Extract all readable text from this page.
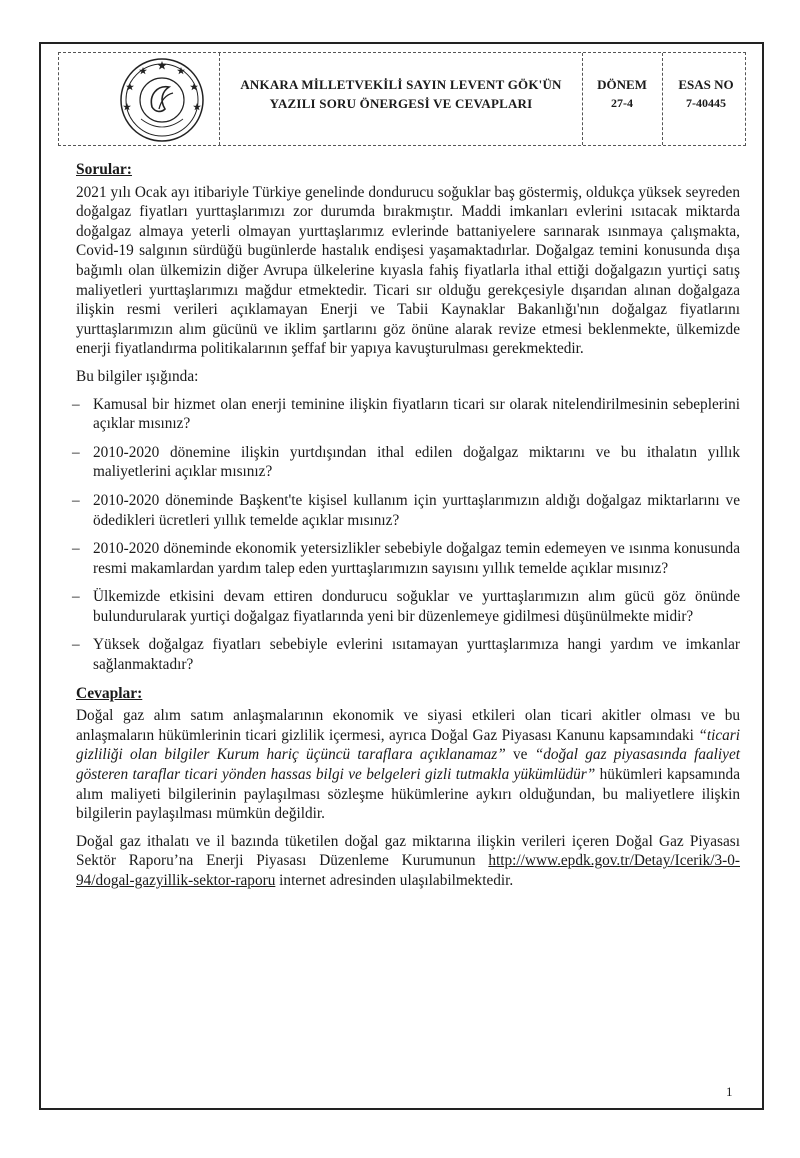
ANKARA MİLLETVEKİLİ SAYIN LEVENT GÖK'ÜN
YAZILI SORU ÖNERGESİ VE CEVAPLARI
DÖNEM
27-4
ESAS NO
7-40445
Sorular:

2021 yılı Ocak ayı itibariyle Türkiye genelinde dondurucu soğuklar baş göstermiş, oldukça yüksek seyreden doğalgaz fiyatları yurttaşlarımızı zor durumda bırakmıştır. Maddi imkanları evlerini ısıtacak miktarda doğalgaz almaya yeterli olmayan yurttaşlarımız evlerinde battaniyelere sarınarak ısınmaya çalışmakta, Covid-19 salgının sürdüğü bugünlerde hastalık endişesi yaşamaktadırlar. Doğalgaz temini konusunda dışa bağımlı olan ülkemizin diğer Avrupa ülkelerine kıyasla fahiş fiyatlarla ithal ettiği doğalgazın yurtiçi satış maliyetleri yurttaşlarımızı mağdur etmektedir. Ticari sır olduğu gerekçesiyle dışarıdan alınan doğalgaza ilişkin resmi verileri açıklamayan Enerji ve Tabii Kaynaklar Bakanlığı'nın doğalgaz fiyatlarını yurttaşlarımızın alım gücünü ve iklim şartlarını göz önüne alarak revize etmesi beklenmekte, ülkemizde enerji fiyatlandırma politikalarının şeffaf bir yapıya kavuşturulması gerekmektedir.

Bu bilgiler ışığında:

– Kamusal bir hizmet olan enerji teminine ilişkin fiyatların ticari sır olarak nitelendirilmesinin sebeplerini açıklar mısınız?
– 2010-2020 dönemine ilişkin yurtdışından ithal edilen doğalgaz miktarını ve bu ithalatın yıllık maliyetlerini açıklar mısınız?
– 2010-2020 döneminde Başkent'te kişisel kullanım için yurttaşlarımızın aldığı doğalgaz miktarlarını ve ödedikleri ücretleri yıllık temelde açıklar mısınız?
– 2010-2020 döneminde ekonomik yetersizlikler sebebiyle doğalgaz temin edemeyen ve ısınma konusunda resmi makamlardan yardım talep eden yurttaşlarımızın sayısını yıllık temelde açıklar mısınız?
– Ülkemizde etkisini devam ettiren dondurucu soğuklar ve yurttaşlarımızın alım gücü göz önünde bulundurularak yurtiçi doğalgaz fiyatlarında yeni bir düzenlemeye gidilmesi düşünülmekte midir?
– Yüksek doğalgaz fiyatları sebebiyle evlerini ısıtamayan yurttaşlarımıza hangi yardım ve imkanlar sağlanmaktadır?
Cevaplar:

Doğal gaz alım satım anlaşmalarının ekonomik ve siyasi etkileri olan ticari akitler olması ve bu anlaşmaların hükümlerinin ticari gizlilik içermesi, ayrıca Doğal Gaz Piyasası Kanunu kapsamındaki “ticari gizliliği olan bilgiler Kurum hariç üçüncü taraflara açıklanamaz” ve “doğal gaz piyasasında faaliyet gösteren taraflar ticari yönden hassas bilgi ve belgeleri gizli tutmakla yükümlüdür” hükümleri kapsamında alım maliyeti bilgilerinin paylaşılması sözleşme hükümlerine aykırı olduğundan, bu maliyetlere ilişkin bilgilerin paylaşılması mümkün değildir.

Doğal gaz ithalatı ve il bazında tüketilen doğal gaz miktarına ilişkin verileri içeren Doğal Gaz Piyasası Sektör Raporu’na Enerji Piyasası Düzenleme Kurumunun http://www.epdk.gov.tr/Detay/Icerik/3-0-94/dogal-gazyillik-sektor-raporu internet adresinden ulaşılabilmektedir.

1
